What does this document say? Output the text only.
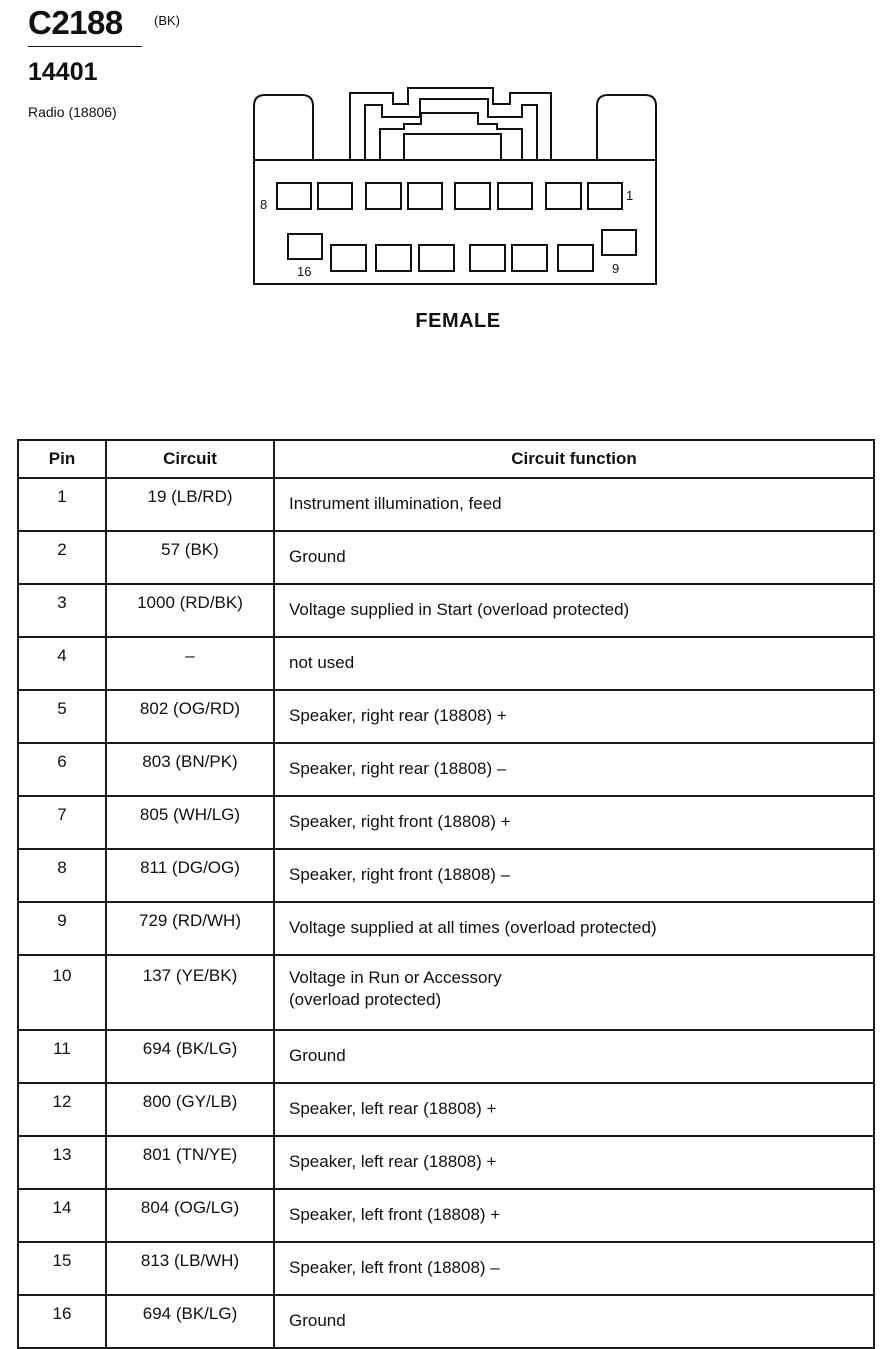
C2188 (BK)
14401
Radio (18806)
8
1
16	9
FEMALE
Pin	Circuit	Circuit function
1	19 (LB/RD)	Instrument illumination, feed
2	57 (BK)	Ground
3	1000 (RD/BK)	Voltage supplied in Start (overload protected)
4	–	not used
5	802 (OG/RD)	Speaker, right rear (18808) +
6	803 (BN/PK)	Speaker, right rear (18808) –
7	805 (WH/LG)	Speaker, right front (18808) +
8	811 (DG/OG)	Speaker, right front (18808) –
9	729 (RD/WH)	Voltage supplied at all times (overload protected)
10	137 (YE/BK)	Voltage in Run or Accessory
(overload protected)

11	694 (BK/LG)	Ground
12	800 (GY/LB)	Speaker, left rear (18808) +
13	801 (TN/YE)	Speaker, left rear (18808) +
14	804 (OG/LG)	Speaker, left front (18808) +
15	813 (LB/WH)	Speaker, left front (18808) –
16	694 (BK/LG)	Ground
